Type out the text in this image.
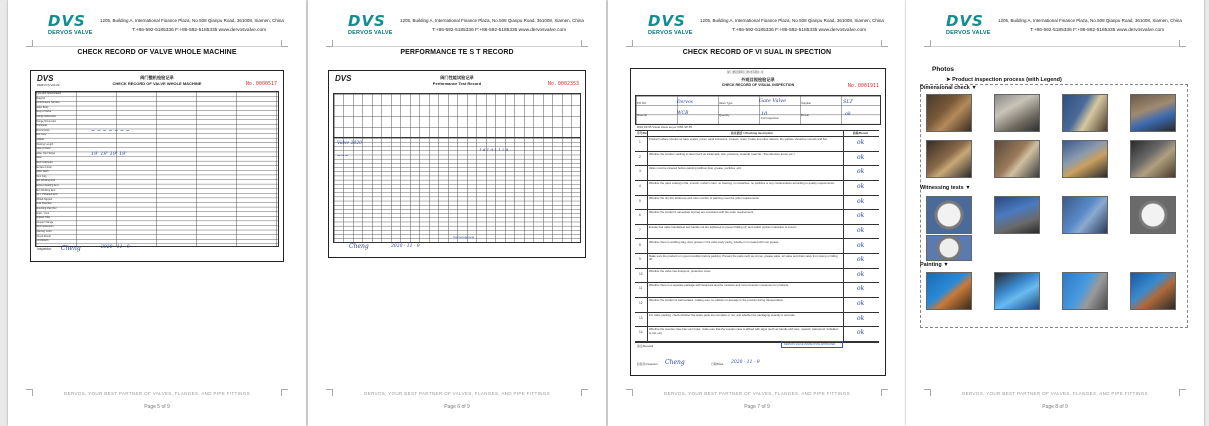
DVS
DERVOS VALVE
1205, Building A, International Finance Plaza, No.508 Qianpu Road, 361008, Xiamen, China
T:+86-592-5185336 F:+86-592-5185335 www.dervosvalve.com
CHECK RECORD OF VALVE WHOLE MACHINE
DVS
DERVOS VALVE
阀门整机检验记录
CHECK RECORD OF VALVE WHOLE MACHINE	No. 0000517
Type and Specification
Material
Performance Number
Valve Body
Body of Valve
Flange Reference
Flange Dimension
Thickness
Test Groove
Bolt Hole
Gasket
Packing Length
Face to Face
Valve Top Flange
Gear
Stem Diameter
Surface Finish
Valve Stem
Dust Cap
Bolt Welding End
Socket Welding End
Butt Welding End
NPT Threaded End
Drilled-Tapped
Flow Direction
Mounting Pad ISO
Drain / Vent
Bypass Hole
Counter Flange
Stem Extension
Painting Color
Check Result
Conclusion
~ ~ ~ ~ ~ ~ ~
19' 19' 19' 19'
Inspector Cheng	2020 · 11 · 9
DERVOS, YOUR BEST PARTNER OF VALVES, FLANGES, AND PIPE FITTINGS
Page 5 of 9
DVS
DERVOS VALVE
1205, Building A, International Finance Plaza, No.508 Qianpu Road, 361008, Xiamen, China
T:+86-592-5185336 F:+86-592-5185335 www.dervosvalve.com
PERFORMANCE TE S T RECORD
DVS	阀门性能试验记录
Performance Test Record	No. 0002353
Valve 2020
1.8 1.9 1.1 2.8
~~~
Cheng	2020 · 11 · 9
Internal Approval
DERVOS, YOUR BEST PARTNER OF VALVES, FLANGES, AND PIPE FITTINGS
Page 6 of 9
DVS
DERVOS VALVE
1205, Building A, International Finance Plaza, No.508 Qianpu Road, 361008, Xiamen, China
T:+86-592-5185336 F:+86-592-5185335 www.dervosvalve.com
CHECK RECORD OF VI SUAL IN SPECTION
厦门德沃斯阀门科技有限公司
外观目视检验记录
CHECK RECORD OF VISUAL INSPECTION	No. 0001911
PO NO.	Dervos	Valve Type	Gate Valve	Supplier	SLT
Material	WCB	Quantity	10
Full Inspection
Result	ok
MSS SP-55 Visual check as per MSS SP-55
序号/No.	检查描述 / Checking description	检验/Result
1
Product surface should not have cracks, pores, sand inclusions, creases, scars, bruise and other defects, the surface should be smooth and flat.	ok
2
Whether the product marking is clear (such as trademark, size, pressure, material, heat No., flow direction arrow, etc.)	ok
3
Valve must be cleaned before painting (without dust, grease, particles, etc)	ok
4
Whether the paint coating is flat, smooth, uniform color, no foaming, no scratches, no particles or any contamination according to quality requirements.	ok
5
Whether the dry film thickness and color number of painting meet the order requirements.	ok
6
Whether the product's nameplate and tag are consistent with the order requirements.	ok
7
Ensure that valve handwheel and handle nut are tightened to prevent falling off, and switch position indication is correct.	ok
8
Whether there is welding slag, dust, grease in the valve body cavity, whether it is coated with rust grease.	ok
9
Make sure the product is in good condition before packing. Prevent the parts such as oil cup, grease valve, air valve and drain valve from losing or falling off.	ok
10
Whether the valve has dustproof, protective cover.	ok
11
Whether there is a separate package with desiccant and the moisture and rust prevention measures for products.	ok
12
Whether the product is well isolated, making sure no collision or damage to the product during transportation.	ok
13
For valve packing, check whether the spare parts are complete or not, and whether the packaging quantity is accurate.	ok
14
Whether the wooden case has vent holes, make sure that the wooden case is affixed with signs (such as handle with care, upward, waterproof, forbidden to roll, etc)	ok
备注/Remark	DERVOS VALVE INSPECTION APPROVED
检验员/Inspector Cheng	日期/Date 2020 · 11 · 9
DERVOS, YOUR BEST PARTNER OF VALVES, FLANGES, AND PIPE FITTINGS
Page 7 of 9
DVS
DERVOS VALVE
1205, Building A, International Finance Plaza, No.508 Qianpu Road, 361008, Xiamen, China
T:+86-592-5185336 F:+86-592-5185335 www.dervosvalve.com
Photos
➤ Product inspection process (with Legend)
Dimensional check ▼
Witnessing tests ▼
Painting ▼
DERVOS, YOUR BEST PARTNER OF VALVES, FLANGES, AND PIPE FITTINGS
Page 8 of 9
